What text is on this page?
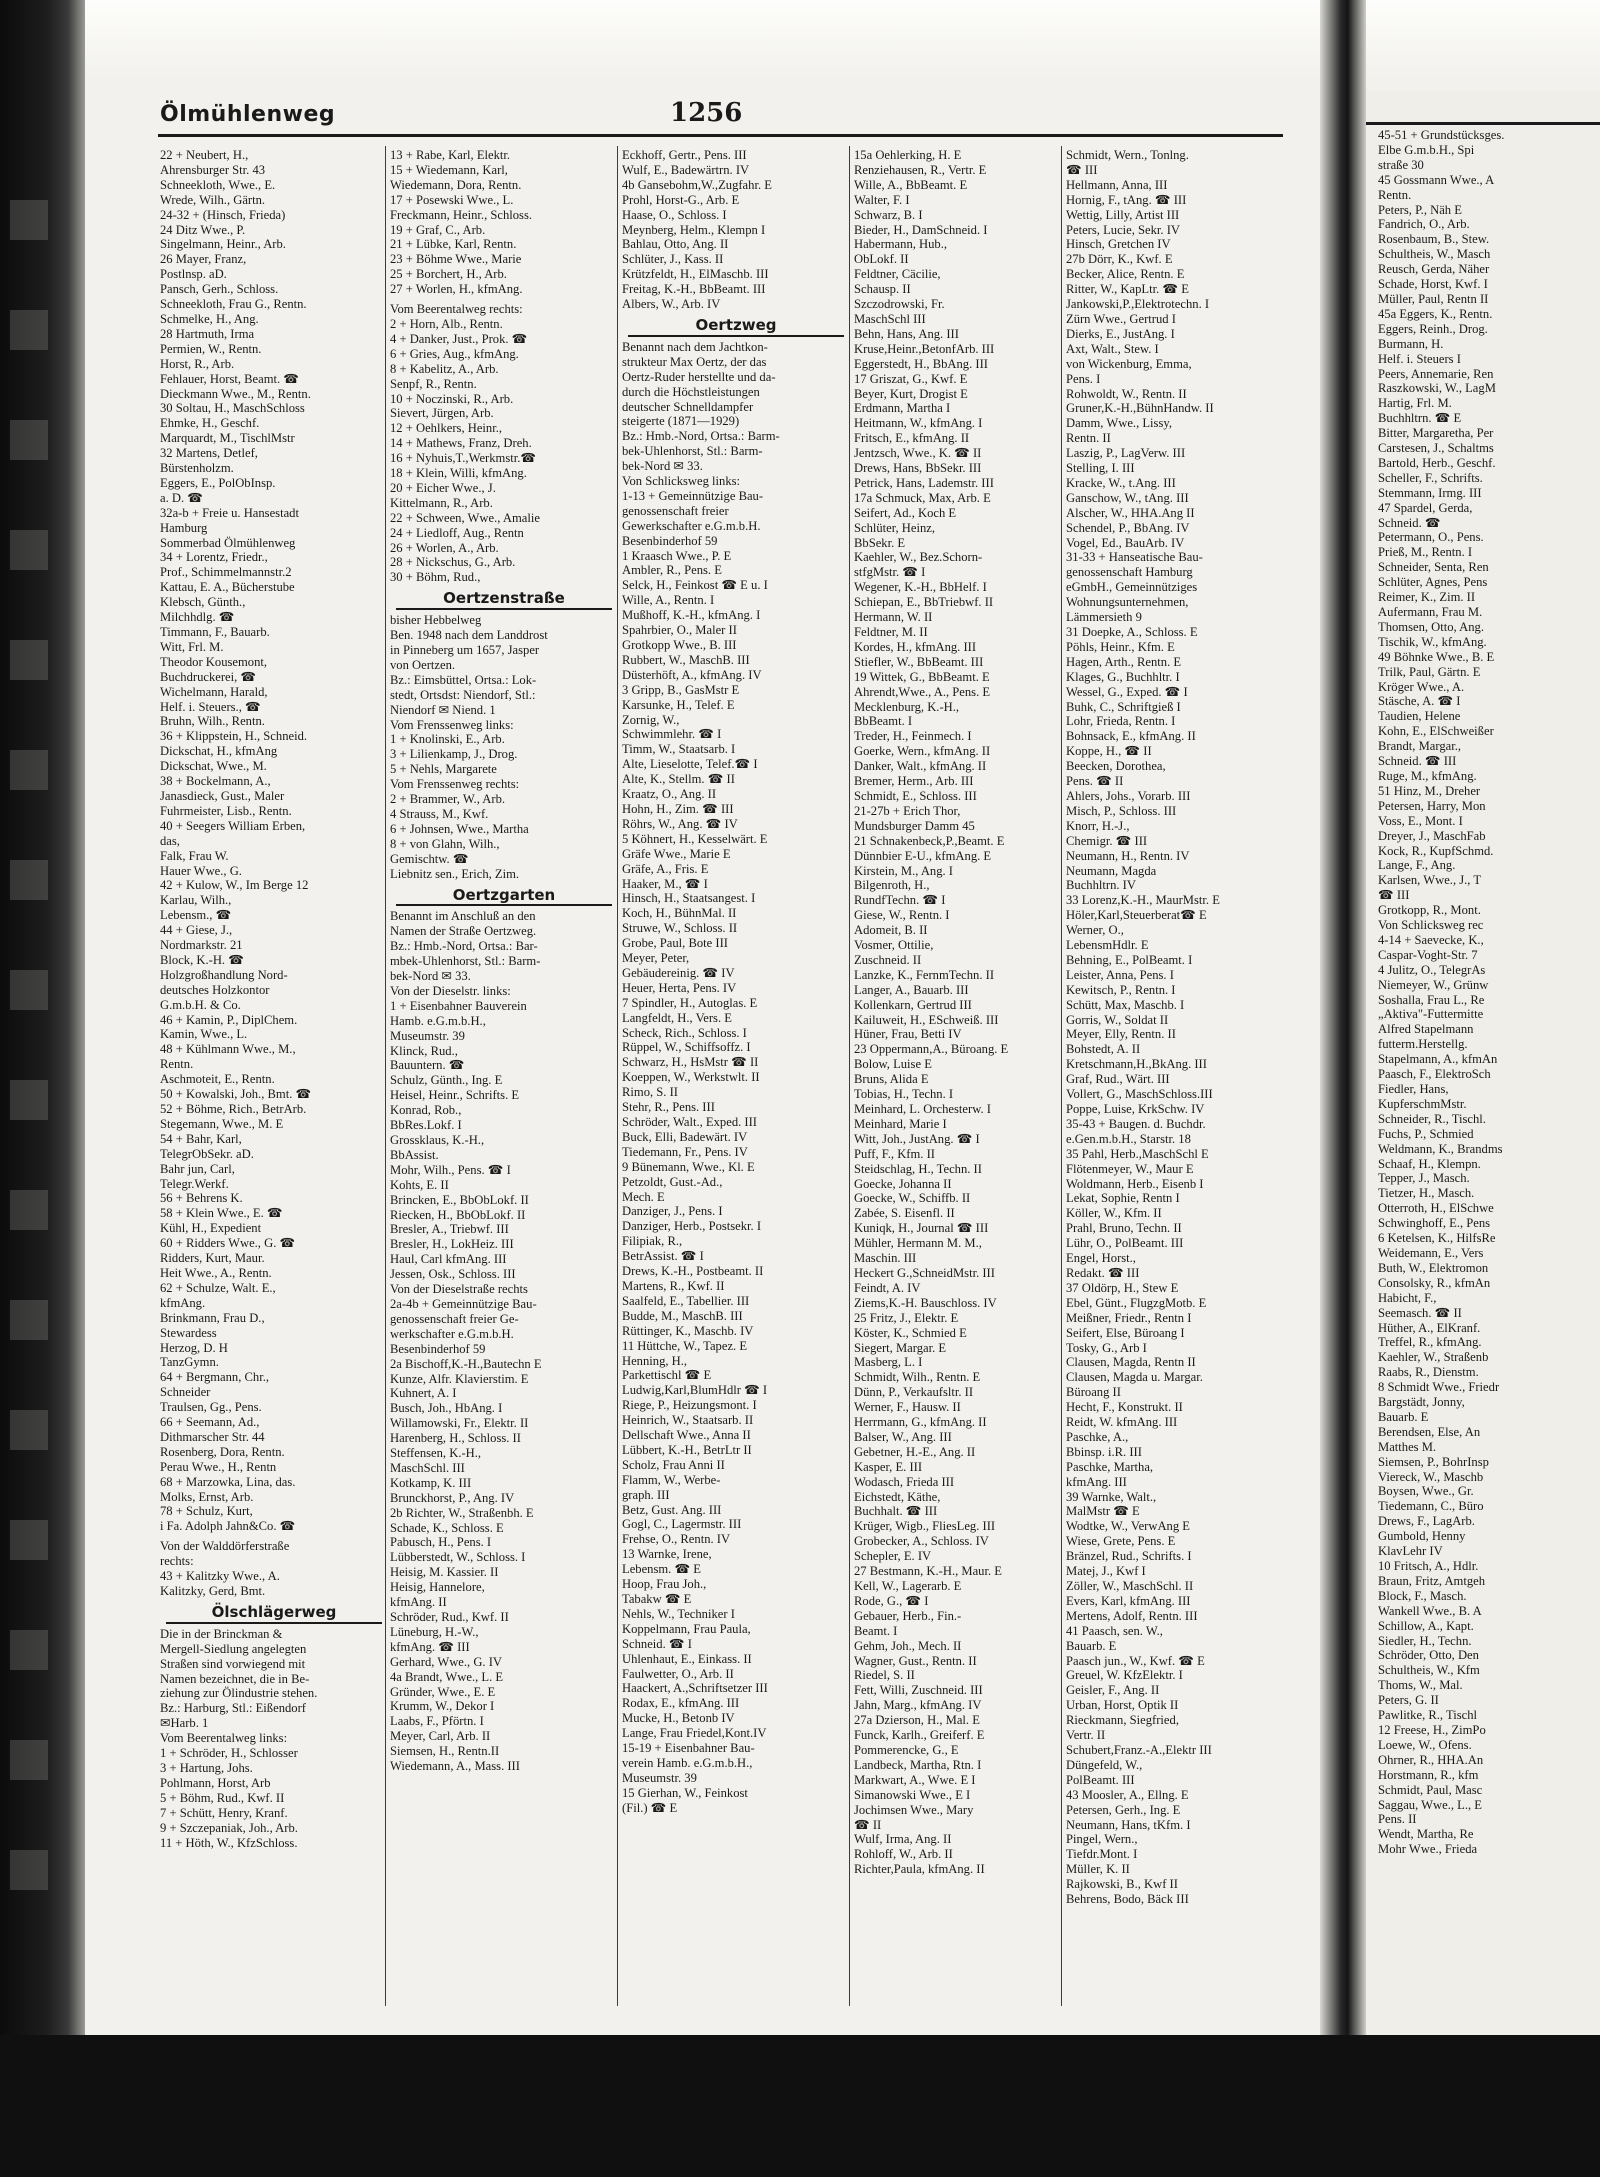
Ölmühlenweg	1256
22 + Neubert, H.,
Ahrensburger Str. 43
Schneekloth, Wwe., E.
Wrede, Wilh., Gärtn.
24-32 + (Hinsch, Frieda)
24 Ditz Wwe., P.
Singelmann, Heinr., Arb.
26 Mayer, Franz,
Postlnsp. aD.
Pansch, Gerh., Schloss.
Schneekloth, Frau G., Rentn.
Schmelke, H., Ang.
28 Hartmuth, Irma
Permien, W., Rentn.
Horst, R., Arb.
Fehlauer, Horst, Beamt. ☎
Dieckmann Wwe., M., Rentn.
30 Soltau, H., MaschSchloss
Ehmke, H., Geschf.
Marquardt, M., TischlMstr
32 Martens, Detlef,
Bürstenholzm.
Eggers, E., PolObInsp.
a. D. ☎
32a-b + Freie u. Hansestadt
Hamburg
Sommerbad Ölmühlenweg
34 + Lorentz, Friedr.,
Prof., Schimmelmannstr.2
Kattau, E. A., Bücherstube
Klebsch, Günth.,
Milchhdlg. ☎
Timmann, F., Bauarb.
Witt, Frl. M.
Theodor Kousemont,
Buchdruckerei, ☎
Wichelmann, Harald,
Helf. i. Steuers., ☎
Bruhn, Wilh., Rentn.
36 + Klippstein, H., Schneid.
Dickschat, H., kfmAng
Dickschat, Wwe., M.
38 + Bockelmann, A.,
Janasdieck, Gust., Maler
Fuhrmeister, Lisb., Rentn.
40 + Seegers William Erben,
das,
Falk, Frau W.
Hauer Wwe., G.
42 + Kulow, W., Im Berge 12
Karlau, Wilh.,
Lebensm., ☎
44 + Giese, J.,
Nordmarkstr. 21
Block, K.-H. ☎
Holzgroßhandlung Nord-
deutsches Holzkontor
G.m.b.H. & Co.
46 + Kamin, P., DiplChem.
Kamin, Wwe., L.
48 + Kühlmann Wwe., M.,
Rentn.
Aschmoteit, E., Rentn.
50 + Kowalski, Joh., Bmt. ☎
52 + Böhme, Rich., BetrArb.
Stegemann, Wwe., M. E
54 + Bahr, Karl,
TelegrObSekr. aD.
Bahr jun, Carl,
Telegr.Werkf.
56 + Behrens K.
58 + Klein Wwe., E. ☎
Kühl, H., Expedient
60 + Ridders Wwe., G. ☎
Ridders, Kurt, Maur.
Heit Wwe., A., Rentn.
62 + Schulze, Walt. E.,
kfmAng.
Brinkmann, Frau D.,
Stewardess
Herzog, D. H
TanzGymn.
64 + Bergmann, Chr.,
Schneider
Traulsen, Gg., Pens.
66 + Seemann, Ad.,
Dithmarscher Str. 44
Rosenberg, Dora, Rentn.
Perau Wwe., H., Rentn
68 + Marzowka, Lina, das.
Molks, Ernst, Arb.
78 + Schulz, Kurt,
i Fa. Adolph Jahn&Co. ☎
Von der Walddörferstraße
rechts:
43 + Kalitzky Wwe., A.
Kalitzky, Gerd, Bmt.
Ölschlägerweg
Die in der Brinckman &
Mergell-Siedlung angelegten
Straßen sind vorwiegend mit
Namen bezeichnet, die in Be-
ziehung zur Ölindustrie stehen.
Bz.: Harburg, Stl.: Eißendorf
✉Harb. 1
Vom Beerentalweg links:
1 + Schröder, H., Schlosser
3 + Hartung, Johs.
Pohlmann, Horst, Arb
5 + Böhm, Rud., Kwf. II
7 + Schütt, Henry, Kranf.
9 + Szczepaniak, Joh., Arb.
11 + Höth, W., KfzSchloss.
13 + Rabe, Karl, Elektr.
15 + Wiedemann, Karl,
Wiedemann, Dora, Rentn.
17 + Posewski Wwe., L.
Freckmann, Heinr., Schloss.
19 + Graf, C., Arb.
21 + Lübke, Karl, Rentn.
23 + Böhme Wwe., Marie
25 + Borchert, H., Arb.
27 + Worlen, H., kfmAng.
Vom Beerentalweg rechts:
2 + Horn, Alb., Rentn.
4 + Danker, Just., Prok. ☎
6 + Gries, Aug., kfmAng.
8 + Kabelitz, A., Arb.
Senpf, R., Rentn.
10 + Noczinski, R., Arb.
Sievert, Jürgen, Arb.
12 + Oehlkers, Heinr.,
14 + Mathews, Franz, Dreh.
16 + Nyhuis,T.,Werkmstr.☎
18 + Klein, Willi, kfmAng.
20 + Eicher Wwe., J.
Kittelmann, R., Arb.
22 + Schween, Wwe., Amalie
24 + Liedloff, Aug., Rentn
26 + Worlen, A., Arb.
28 + Nickschus, G., Arb.
30 + Böhm, Rud.,
Oertzenstraße
bisher Hebbelweg
Ben. 1948 nach dem Landdrost
in Pinneberg um 1657, Jasper
von Oertzen.
Bz.: Eimsbüttel, Ortsa.: Lok-
stedt, Ortsdst: Niendorf, Stl.:
Niendorf ✉ Niend. 1
Vom Frenssenweg links:
1 + Knolinski, E., Arb.
3 + Lilienkamp, J., Drog.
5 + Nehls, Margarete
Vom Frenssenweg rechts:
2 + Brammer, W., Arb.
4 Strauss, M., Kwf.
6 + Johnsen, Wwe., Martha
8 + von Glahn, Wilh.,
Gemischtw. ☎
Liebnitz sen., Erich, Zim.
Oertzgarten
Benannt im Anschluß an den
Namen der Straße Oertzweg.
Bz.: Hmb.-Nord, Ortsa.: Bar-
mbek-Uhlenhorst, Stl.: Barm-
bek-Nord ✉ 33.
Von der Dieselstr. links:
1 + Eisenbahner Bauverein
Hamb. e.G.m.b.H.,
Museumstr. 39
Klinck, Rud.,
Bauuntern. ☎
Schulz, Günth., Ing. E
Heisel, Heinr., Schrifts. E
Konrad, Rob.,
BbRes.Lokf. I
Grossklaus, K.-H.,
BbAssist.
Mohr, Wilh., Pens. ☎ I
Kohts, E. II
Brincken, E., BbObLokf. II
Riecken, H., BbObLokf. II
Bresler, A., Triebwf. III
Bresler, H., LokHeiz. III
Haul, Carl kfmAng. III
Jessen, Osk., Schloss. III
Von der Dieselstraße rechts
2a-4b + Gemeinnützige Bau-
genossenschaft freier Ge-
werkschafter e.G.m.b.H.
Besenbinderhof 59
2a Bischoff,K.-H.,Bautechn E
Kunze, Alfr. Klavierstim. E
Kuhnert, A. I
Busch, Joh., HbAng. I
Willamowski, Fr., Elektr. II
Harenberg, H., Schloss. II
Steffensen, K.-H.,
MaschSchl. III
Kotkamp, K. III
Brunckhorst, P., Ang. IV
2b Richter, W., Straßenbh. E
Schade, K., Schloss. E
Pabusch, H., Pens. I
Lübberstedt, W., Schloss. I
Heisig, M. Kassier. II
Heisig, Hannelore,
kfmAng. II
Schröder, Rud., Kwf. II
Lüneburg, H.-W.,
kfmAng. ☎ III
Gerhard, Wwe., G. IV
4a Brandt, Wwe., L. E
Gründer, Wwe., E. E
Krumm, W., Dekor I
Laabs, F., Pförtn. I
Meyer, Carl, Arb. II
Siemsen, H., Rentn.II
Wiedemann, A., Mass. III
Eckhoff, Gertr., Pens. III
Wulf, E., Badewärtrn. IV
4b Gansebohm,W.,Zugfahr. E
Prohl, Horst-G., Arb. E
Haase, O., Schloss. I
Meynberg, Helm., Klempn I
Bahlau, Otto, Ang. II
Schlüter, J., Kass. II
Krützfeldt, H., ElMaschb. III
Freitag, K.-H., BbBeamt. III
Albers, W., Arb. IV
Oertzweg
Benannt nach dem Jachtkon-
strukteur Max Oertz, der das
Oertz-Ruder herstellte und da-
durch die Höchstleistungen
deutscher Schnelldampfer
steigerte (1871—1929)
Bz.: Hmb.-Nord, Ortsa.: Barm-
bek-Uhlenhorst, Stl.: Barm-
bek-Nord ✉ 33.
Von Schlicksweg links:
1-13 + Gemeinnützige Bau-
genossenschaft freier
Gewerkschafter e.G.m.b.H.
Besenbinderhof 59
1 Kraasch Wwe., P. E
Ambler, R., Pens. E
Selck, H., Feinkost ☎ E u. I
Wille, A., Rentn. I
Mußhoff, K.-H., kfmAng. I
Spahrbier, O., Maler II
Grotkopp Wwe., B. III
Rubbert, W., MaschB. III
Düsterhöft, A., kfmAng. IV
3 Gripp, B., GasMstr E
Karsunke, H., Telef. E
Zornig, W.,
Schwimmlehr. ☎ I
Timm, W., Staatsarb. I
Alte, Lieselotte, Telef.☎ I
Alte, K., Stellm. ☎ II
Kraatz, O., Ang. II
Hohn, H., Zim. ☎ III
Röhrs, W., Ang. ☎ IV
5 Köhnert, H., Kesselwärt. E
Gräfe Wwe., Marie E
Gräfe, A., Fris. E
Haaker, M., ☎ I
Hinsch, H., Staatsangest. I
Koch, H., BühnMal. II
Struwe, W., Schloss. II
Grobe, Paul, Bote III
Meyer, Peter,
Gebäudereinig. ☎ IV
Heuer, Herta, Pens. IV
7 Spindler, H., Autoglas. E
Langfeldt, H., Vers. E
Scheck, Rich., Schloss. I
Rüppel, W., Schiffsoffz. I
Schwarz, H., HsMstr ☎ II
Koeppen, W., Werkstwlt. II
Rimo, S. II
Stehr, R., Pens. III
Schröder, Walt., Exped. III
Buck, Elli, Badewärt. IV
Tiedemann, Fr., Pens. IV
9 Bünemann, Wwe., Kl. E
Petzoldt, Gust.-Ad.,
Mech. E
Danziger, J., Pens. I
Danziger, Herb., Postsekr. I
Filipiak, R.,
BetrAssist. ☎ I
Drews, K.-H., Postbeamt. II
Martens, R., Kwf. II
Saalfeld, E., Tabellier. III
Budde, M., MaschB. III
Rüttinger, K., Maschb. IV
11 Hüttche, W., Tapez. E
Henning, H.,
Parkettischl ☎ E
Ludwig,Karl,BlumHdlr ☎ I
Riege, P., Heizungsmont. I
Heinrich, W., Staatsarb. II
Dellschaft Wwe., Anna II
Lübbert, K.-H., BetrLtr II
Scholz, Frau Anni II
Flamm, W., Werbe-
graph. III
Betz, Gust. Ang. III
Gogl, C., Lagermstr. III
Frehse, O., Rentn. IV
13 Warnke, Irene,
Lebensm. ☎ E
Hoop, Frau Joh.,
Tabakw ☎ E
Nehls, W., Techniker I
Koppelmann, Frau Paula,
Schneid. ☎ I
Uhlenhaut, E., Einkass. II
Faulwetter, O., Arb. II
Haackert, A.,Schriftsetzer III
Rodax, E., kfmAng. III
Mucke, H., Betonb IV
Lange, Frau Friedel,Kont.IV
15-19 + Eisenbahner Bau-
verein Hamb. e.G.m.b.H.,
Museumstr. 39
15 Gierhan, W., Feinkost
(Fil.) ☎ E
15a Oehlerking, H. E
Renziehausen, R., Vertr. E
Wille, A., BbBeamt. E
Walter, F. I
Schwarz, B. I
Bieder, H., DamSchneid. I
Habermann, Hub.,
ObLokf. II
Feldtner, Cäcilie,
Schausp. II
Szczodrowski, Fr.
MaschSchl III
Behn, Hans, Ang. III
Kruse,Heinr.,BetonfArb. III
Eggerstedt, H., BbAng. III
17 Griszat, G., Kwf. E
Beyer, Kurt, Drogist E
Erdmann, Martha I
Heitmann, W., kfmAng. I
Fritsch, E., kfmAng. II
Jentzsch, Wwe., K. ☎ II
Drews, Hans, BbSekr. III
Petrick, Hans, Lademstr. III
17a Schmuck, Max, Arb. E
Seifert, Ad., Koch E
Schlüter, Heinz,
BbSekr. E
Kaehler, W., Bez.Schorn-
stfgMstr. ☎ I
Wegener, K.-H., BbHelf. I
Schiepan, E., BbTriebwf. II
Hermann, W. II
Feldtner, M. II
Kordes, H., kfmAng. III
Stiefler, W., BbBeamt. III
19 Wittek, G., BbBeamt. E
Ahrendt,Wwe., A., Pens. E
Mecklenburg, K.-H.,
BbBeamt. I
Treder, H., Feinmech. I
Goerke, Wern., kfmAng. II
Danker, Walt., kfmAng. II
Bremer, Herm., Arb. III
Schmidt, E., Schloss. III
21-27b + Erich Thor,
Mundsburger Damm 45
21 Schnakenbeck,P.,Beamt. E
Dünnbier E-U., kfmAng. E
Kirstein, M., Ang. I
Bilgenroth, H.,
RundfTechn. ☎ I
Giese, W., Rentn. I
Adomeit, B. II
Vosmer, Ottilie,
Zuschneid. II
Lanzke, K., FernmTechn. II
Langer, A., Bauarb. III
Kollenkarn, Gertrud III
Kailuweit, H., ESchweiß. III
Hüner, Frau, Betti IV
23 Oppermann,A., Büroang. E
Bolow, Luise E
Bruns, Alida E
Tobias, H., Techn. I
Meinhard, L. Orchesterw. I
Meinhard, Marie I
Witt, Joh., JustAng. ☎ I
Puff, F., Kfm. II
Steidschlag, H., Techn. II
Goecke, Johanna II
Goecke, W., Schiffb. II
Zabée, S. Eisenfl. II
Kuniqk, H., Journal ☎ III
Mühler, Hermann M. M.,
Maschin. III
Heckert G.,SchneidMstr. III
Feindt, A. IV
Ziems,K.-H. Bauschloss. IV
25 Fritz, J., Elektr. E
Köster, K., Schmied E
Siegert, Margar. E
Masberg, L. I
Schmidt, Wilh., Rentn. E
Dünn, P., Verkaufsltr. II
Werner, F., Hausw. II
Herrmann, G., kfmAng. II
Balser, W., Ang. III
Gebetner, H.-E., Ang. II
Kasper, E. III
Wodasch, Frieda III
Eichstedt, Käthe,
Buchhalt. ☎ III
Krüger, Wigb., FliesLeg. III
Grobecker, A., Schloss. IV
Schepler, E. IV
27 Bestmann, K.-H., Maur. E
Kell, W., Lagerarb. E
Rode, G., ☎ I
Gebauer, Herb., Fin.-
Beamt. I
Gehm, Joh., Mech. II
Wagner, Gust., Rentn. II
Riedel, S. II
Fett, Willi, Zuschneid. III
Jahn, Marg., kfmAng. IV
27a Dzierson, H., Mal. E
Funck, Karlh., Greiferf. E
Pommerencke, G., E
Landbeck, Martha, Rtn. I
Markwart, A., Wwe. E I
Simanowski Wwe., E I
Jochimsen Wwe., Mary
☎ II
Wulf, Irma, Ang. II
Rohloff, W., Arb. II
Richter,Paula, kfmAng. II
Schmidt, Wern., Tonlng.
☎ III
Hellmann, Anna, III
Hornig, F., tAng. ☎ III
Wettig, Lilly, Artist III
Peters, Lucie, Sekr. IV
Hinsch, Gretchen IV
27b Dörr, K., Kwf. E
Becker, Alice, Rentn. E
Ritter, W., KapLtr. ☎ E
Jankowski,P.,Elektrotechn. I
Zürn Wwe., Gertrud I
Dierks, E., JustAng. I
Axt, Walt., Stew. I
von Wickenburg, Emma,
Pens. I
Rohwoldt, W., Rentn. II
Gruner,K.-H.,BühnHandw. II
Damm, Wwe., Lissy,
Rentn. II
Laszig, P., LagVerw. III
Stelling, I. III
Kracke, W., t.Ang. III
Ganschow, W., tAng. III
Alscher, W., HHA.Ang II
Schendel, P., BbAng. IV
Vogel, Ed., BauArb. IV
31-33 + Hanseatische Bau-
genossenschaft Hamburg
eGmbH., Gemeinnütziges
Wohnungsunternehmen,
Lämmersieth 9
31 Doepke, A., Schloss. E
Pöhls, Heinr., Kfm. E
Hagen, Arth., Rentn. E
Klages, G., Buchhltr. I
Wessel, G., Exped. ☎ I
Buhk, C., Schriftgieß I
Lohr, Frieda, Rentn. I
Bohnsack, E., kfmAng. II
Koppe, H., ☎ II
Beecken, Dorothea,
Pens. ☎ II
Ahlers, Johs., Vorarb. III
Misch, P., Schloss. III
Knorr, H.-J.,
Chemigr. ☎ III
Neumann, H., Rentn. IV
Neumann, Magda
Buchhltrn. IV
33 Lorenz,K.-H., MaurMstr. E
Höler,Karl,Steuerberat☎ E
Werner, O.,
LebensmHdlr. E
Behning, E., PolBeamt. I
Leister, Anna, Pens. I
Kewitsch, P., Rentn. I
Schütt, Max, Maschb. I
Gorris, W., Soldat II
Meyer, Elly, Rentn. II
Bohstedt, A. II
Kretschmann,H.,BkAng. III
Graf, Rud., Wärt. III
Vollert, G., MaschSchloss.III
Poppe, Luise, KrkSchw. IV
35-43 + Baugen. d. Buchdr.
e.Gen.m.b.H., Starstr. 18
35 Pahl, Herb.,MaschSchl E
Flötenmeyer, W., Maur E
Woldmann, Herb., Eisenb I
Lekat, Sophie, Rentn I
Köller, W., Kfm. II
Prahl, Bruno, Techn. II
Lühr, O., PolBeamt. III
Engel, Horst.,
Redakt. ☎ III
37 Oldörp, H., Stew E
Ebel, Günt., FlugzgMotb. E
Meißner, Friedr., Rentn I
Seifert, Else, Büroang I
Tosky, G., Arb I
Clausen, Magda, Rentn II
Clausen, Magda u. Margar.
Büroang II
Hecht, F., Konstrukt. II
Reidt, W. kfmAng. III
Paschke, A.,
Bbinsp. i.R. III
Paschke, Martha,
kfmAng. III
39 Warnke, Walt.,
MalMstr ☎ E
Wodtke, W., VerwAng E
Wiese, Grete, Pens. E
Bränzel, Rud., Schrifts. I
Matej, J., Kwf I
Zöller, W., MaschSchl. II
Evers, Karl, kfmAng. III
Mertens, Adolf, Rentn. III
41 Paasch, sen. W.,
Bauarb. E
Paasch jun., W., Kwf. ☎ E
Greuel, W. KfzElektr. I
Geisler, F., Ang. II
Urban, Horst, Optik II
Rieckmann, Siegfried,
Vertr. II
Schubert,Franz.-A.,Elektr III
Düngefeld, W.,
PolBeamt. III
43 Moosler, A., Ellng. E
Petersen, Gerh., Ing. E
Neumann, Hans, tKfm. I
Pingel, Wern.,
Tiefdr.Mont. I
Müller, K. II
Rajkowski, B., Kwf II
Behrens, Bodo, Bäck III
45-51 + Grundstücksges.
Elbe G.m.b.H., Spi
straße 30
45 Gossmann Wwe., A
Rentn.
Peters, P., Näh E
Fandrich, O., Arb.
Rosenbaum, B., Stew.
Schultheis, W., Masch
Reusch, Gerda, Näher
Schade, Horst, Kwf. I
Müller, Paul, Rentn II
45a Eggers, K., Rentn.
Eggers, Reinh., Drog.
Burmann, H.
Helf. i. Steuers I
Peers, Annemarie, Ren
Raszkowski, W., LagM
Hartig, Frl. M.
Buchhltrn. ☎ E
Bitter, Margaretha, Per
Carstesen, J., Schaltms
Bartold, Herb., Geschf.
Scheller, F., Schrifts.
Stemmann, Irmg. III
47 Spardel, Gerda,
Schneid. ☎
Petermann, O., Pens.
Prieß, M., Rentn. I
Schneider, Senta, Ren
Schlüter, Agnes, Pens
Reimer, K., Zim. II
Aufermann, Frau M.
Thomsen, Otto, Ang.
Tischik, W., kfmAng.
49 Böhnke Wwe., B. E
Trilk, Paul, Gärtn. E
Kröger Wwe., A.
Stäsche, A. ☎ I
Taudien, Helene
Kohn, E., ElSchweißer
Brandt, Margar.,
Schneid. ☎ III
Ruge, M., kfmAng.
51 Hinz, M., Dreher
Petersen, Harry, Mon
Voss, E., Mont. I
Dreyer, J., MaschFab
Kock, R., KupfSchmd.
Lange, F., Ang.
Karlsen, Wwe., J., T
☎ III
Grotkopp, R., Mont.
Von Schlicksweg rec
4-14 + Saevecke, K.,
Caspar-Voght-Str. 7
4 Julitz, O., TelegrAs
Niemeyer, W., Grünw
Soshalla, Frau L., Re
„Aktiva"-Futtermitte
Alfred Stapelmann
futterm.Herstellg.
Stapelmann, A., kfmAn
Paasch, F., ElektroSch
Fiedler, Hans,
KupferschmMstr.
Schneider, R., Tischl.
Fuchs, P., Schmied
Weldmann, K., Brandms
Schaaf, H., Klempn.
Tepper, J., Masch.
Tietzer, H., Masch.
Otterroth, H., ElSchwe
Schwinghoff, E., Pens
6 Ketelsen, K., HilfsRe
Weidemann, E., Vers
Buth, W., Elektromon
Consolsky, R., kfmAn
Habicht, F.,
Seemasch. ☎ II
Hüther, A., ElKranf.
Treffel, R., kfmAng.
Kaehler, W., Straßenb
Raabs, R., Dienstm.
8 Schmidt Wwe., Friedr
Bargstädt, Jonny,
Bauarb. E
Berendsen, Else, An
Matthes M.
Siemsen, P., BohrInsp
Viereck, W., Maschb
Boysen, Wwe., Gr.
Tiedemann, C., Büro
Drews, F., LagArb.
Gumbold, Henny
KlavLehr IV
10 Fritsch, A., Hdlr.
Braun, Fritz, Amtgeh
Block, F., Masch.
Wankell Wwe., B. A
Schillow, A., Kapt.
Siedler, H., Techn.
Schröder, Otto, Den
Schultheis, W., Kfm
Thoms, W., Mal.
Peters, G. II
Pawlitke, R., Tischl
12 Freese, H., ZimPo
Loewe, W., Ofens.
Ohrner, R., HHA.An
Horstmann, R., kfm
Schmidt, Paul, Masc
Saggau, Wwe., L., E
Pens. II
Wendt, Martha, Re
Mohr Wwe., Frieda
